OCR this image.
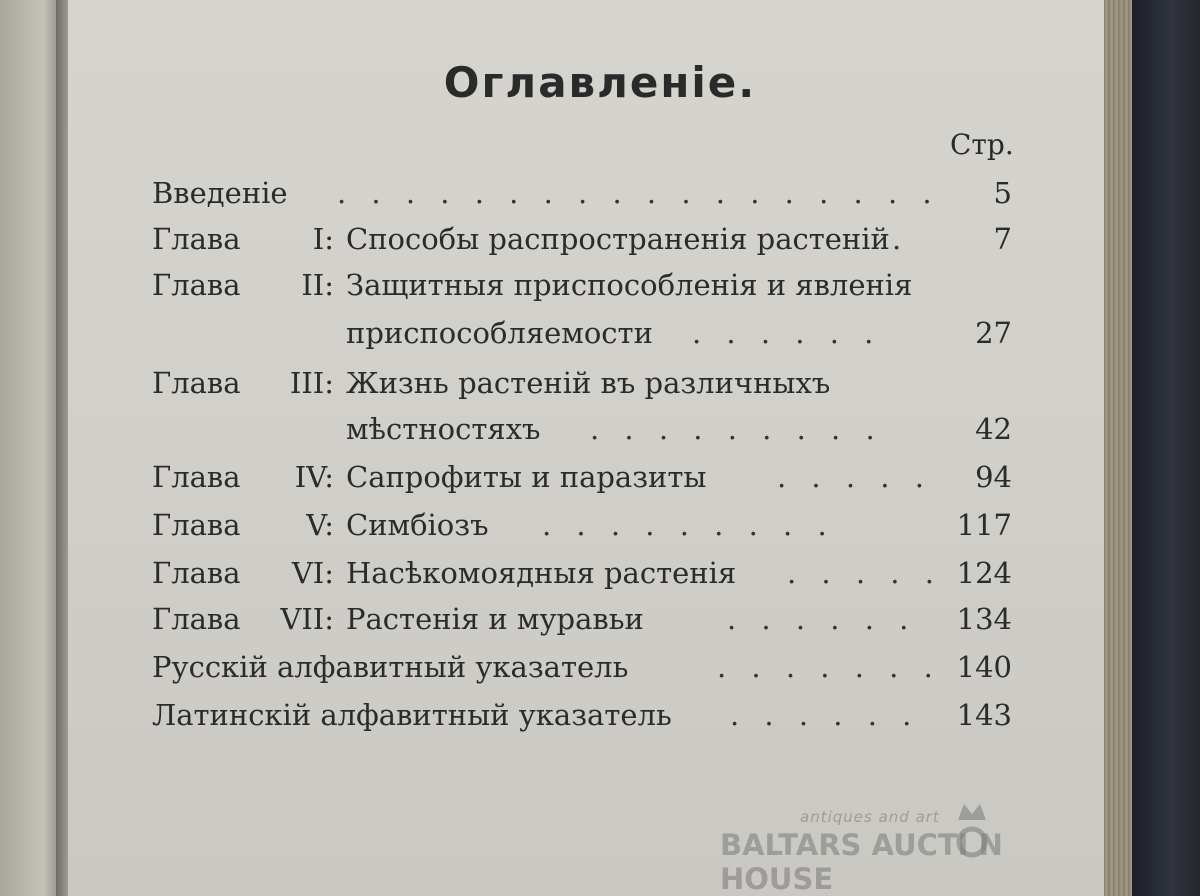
Оглавленіе.
Стр.
Введеніе . . . . . . . . . . . . . . . . . . 5
Глава	I: Способы распространенія растеній .	7
Глава	II: Защитныя приспособленія и явленія
приспособляемости . . . . . .	27
Глава	III: Жизнь растеній въ различныхъ
мѣстностяхъ . . . . . . . . .	42
Глава	IV: Сапрофиты и паразиты . . . . . 94
Глава	V: Симбіозъ . . . . . . . . .	117
Глава	VI: Насѣкомоядныя растенія . . . . . 124
Глава	VII: Растенія и муравьи	. . . . . . 134
Русскій алфавитный указатель	. . . . . . . 140
Латинскій алфавитный указатель . . . . . . 143
antiques and art
BALTARS AUCTI N HOUSE
